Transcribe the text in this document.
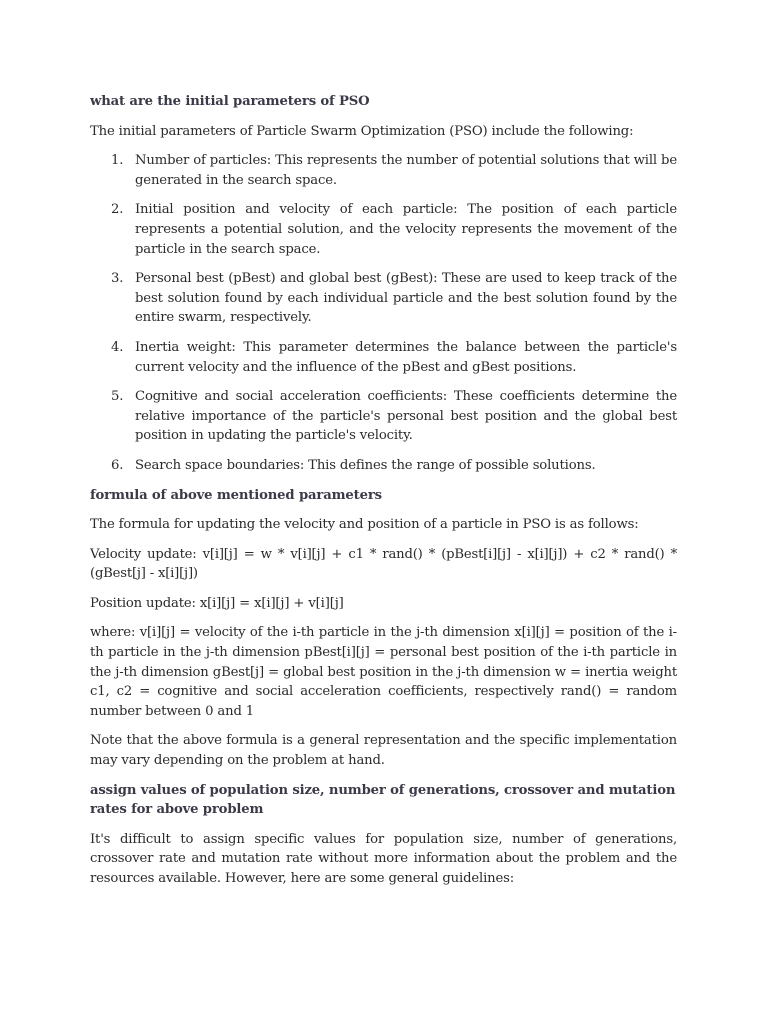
what are the initial parameters of PSO

The initial parameters of Particle Swarm Optimization (PSO) include the following:

1. Number of particles: This represents the number of potential solutions that will be generated in the search space.
2. Initial position and velocity of each particle: The position of each particle represents a potential solution, and the velocity represents the movement of the particle in the search space.
3. Personal best (pBest) and global best (gBest): These are used to keep track of the best solution found by each individual particle and the best solution found by the entire swarm, respectively.
4. Inertia weight: This parameter determines the balance between the particle's current velocity and the influence of the pBest and gBest positions.
5. Cognitive and social acceleration coefficients: These coefficients determine the relative importance of the particle's personal best position and the global best position in updating the particle's velocity.
6. Search space boundaries: This defines the range of possible solutions.
formula of above mentioned parameters

The formula for updating the velocity and position of a particle in PSO is as follows:

Velocity update: v[i][j] = w * v[i][j] + c1 * rand() * (pBest[i][j] - x[i][j]) + c2 * rand() * (gBest[j] - x[i][j])

Position update: x[i][j] = x[i][j] + v[i][j]

where: v[i][j] = velocity of the i-th particle in the j-th dimension x[i][j] = position of the i-th particle in the j-th dimension pBest[i][j] = personal best position of the i-th particle in the j-th dimension gBest[j] = global best position in the j-th dimension w = inertia weight c1, c2 = cognitive and social acceleration coefficients, respectively rand() = random number between 0 and 1

Note that the above formula is a general representation and the specific implementation may vary depending on the problem at hand.

assign values of population size, number of generations, crossover and mutation rates for above problem

It's difficult to assign specific values for population size, number of generations, crossover rate and mutation rate without more information about the problem and the resources available. However, here are some general guidelines:
